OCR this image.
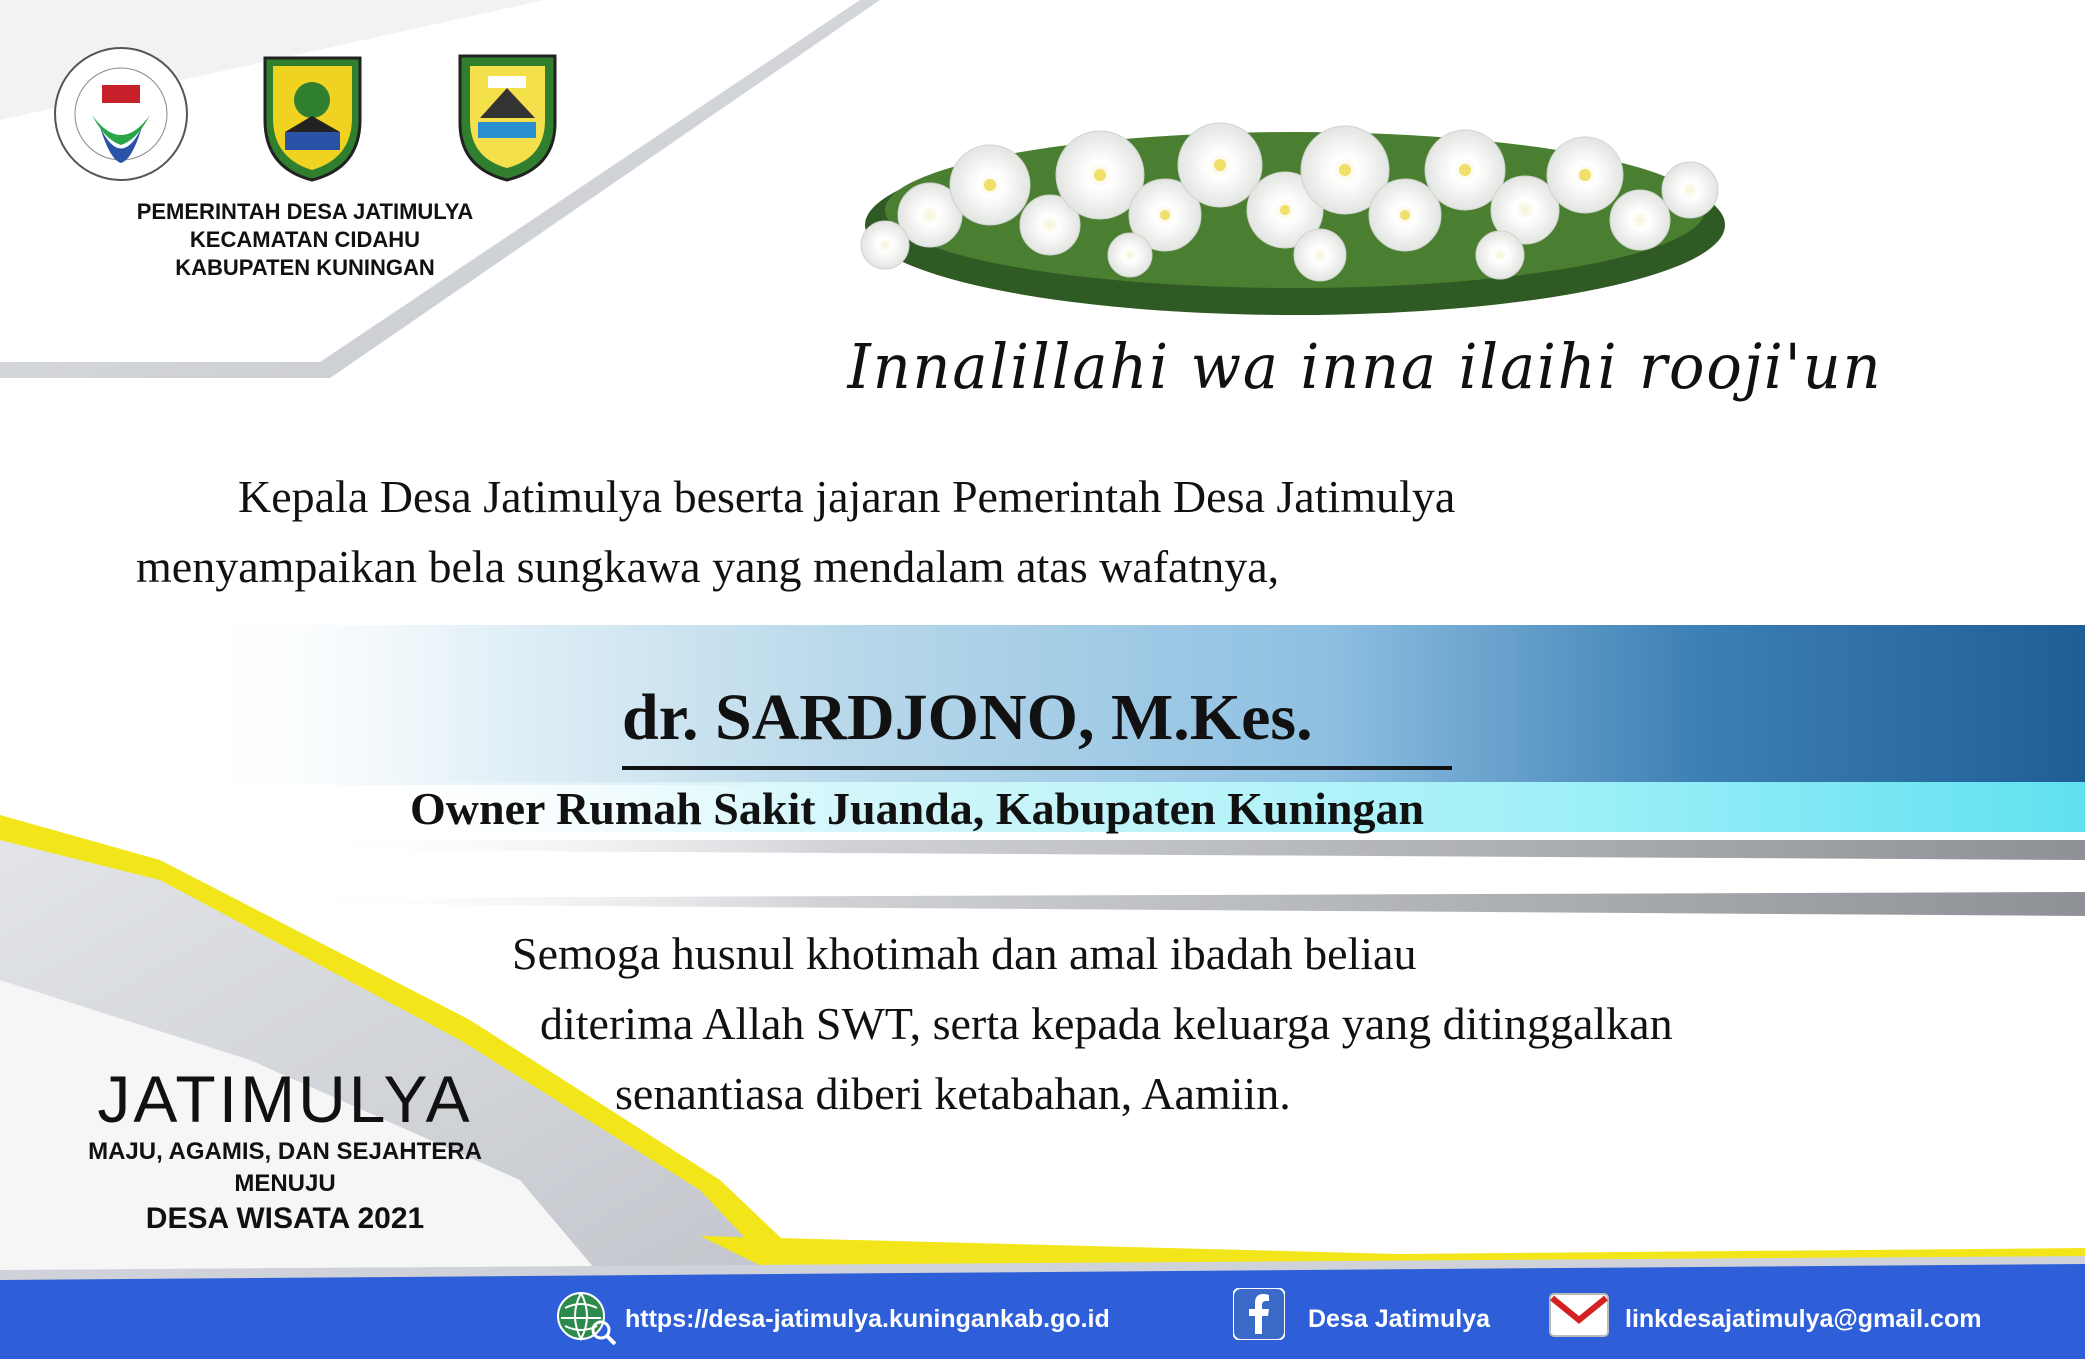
PEMERINTAH DESA JATIMULYA
KECAMATAN CIDAHU
KABUPATEN KUNINGAN
Innalillahi wa inna ilaihi rooji'un
Kepala Desa Jatimulya beserta jajaran Pemerintah Desa Jatimulya
menyampaikan bela sungkawa yang mendalam atas wafatnya,
dr. SARDJONO, M.Kes.
Owner Rumah Sakit Juanda, Kabupaten Kuningan
Semoga husnul khotimah dan amal ibadah beliau
diterima Allah SWT, serta kepada keluarga yang ditinggalkan
senantiasa diberi ketabahan, Aamiin.
JATIMULYA
MAJU, AGAMIS, DAN SEJAHTERA
MENUJU
DESA WISATA 2021
https://desa-jatimulya.kuningankab.go.id	Desa Jatimulya	linkdesajatimulya@gmail.com
